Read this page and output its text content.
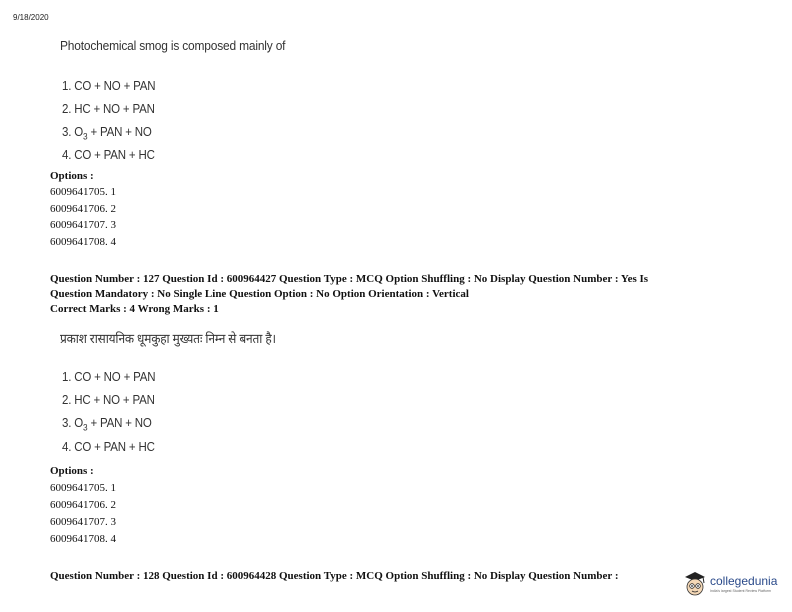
9/18/2020
Photochemical smog is composed mainly of
1. CO + NO + PAN
2. HC + NO + PAN
3. $O_3$ + PAN + NO
4. CO + PAN + HC
Options :
6009641705. 1
6009641706. 2
6009641707. 3
6009641708. 4
Question Number : 127 Question Id : 600964427 Question Type : MCQ Option Shuffling : No Display Question Number : Yes Is
Question Mandatory : No Single Line Question Option : No Option Orientation : Vertical
Correct Marks : 4 Wrong Marks : 1
प्रकाश रासायनिक धूमकुहा मुख्यतः निम्न से बनता है।
1. CO + NO + PAN
2. HC + NO + PAN
3. $O_3$ + PAN + NO
4. CO + PAN + HC
Options :
6009641705. 1
6009641706. 2
6009641707. 3
6009641708. 4
Question Number : 128 Question Id : 600964428 Question Type : MCQ Option Shuffling : No Display Question Number :	collegedunia
India's largest Student Review Platform
